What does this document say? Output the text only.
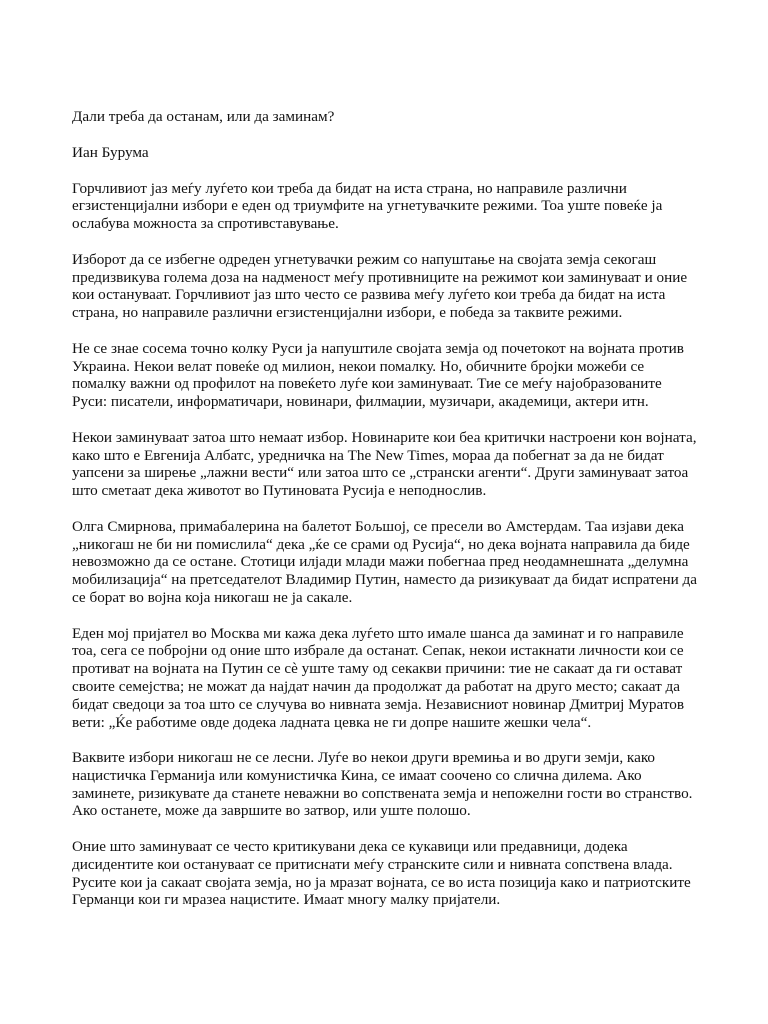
Дали треба да останам, или да заминам?
Иан Бурума

Горчливиот јаз меѓу луѓето кои треба да бидат на иста страна, но направиле различни егзистенцијални избори е еден од триумфите на угнетувачките режими. Тоа уште повеќе ја ослабува можноста за спротивставување.

Изборот да се избегне одреден угнетувачки режим со напуштање на својата земја секогаш предизвикува голема доза на надменост меѓу противниците на режимот кои заминуваат и оние кои остануваат. Горчливиот јаз што често се развива меѓу луѓето кои треба да бидат на иста страна, но направиле различни егзистенцијални избори, е победа за таквите режими.

Не се знае сосема точно колку Руси ја напуштиле својата земја од почетокот на војната против Украина. Некои велат повеќе од милион, некои помалку. Но, обичните бројки можеби се помалку важни од профилот на повеќето луѓе кои заминуваат. Тие се меѓу најобразованите Руси: писатели, информатичари, новинари, филмаџии, музичари, академици, актери итн.

Некои заминуваат затоа што немаат избор. Новинарите кои беа критички настроени кон војната, како што е Евгенија Албатс, уредничка на The New Times, мораа да побегнат за да не бидат уапсени за ширење „лажни вести“ или затоа што се „странски агенти“. Други заминуваат затоа што сметаат дека животот во Путиновата Русија е неподнослив.

Олга Смирнова, примабалерина на балетот Бољшој, се пресели во Амстердам. Таа изјави дека „никогаш не би ни помислила“ дека „ќе се срами од Русија“, но дека војната направила да биде невозможно да се остане. Стотици илјади млади мажи побегнаа пред неодамнешната „делумна мобилизација“ на претседателот Владимир Путин, наместо да ризикуваат да бидат испратени да се борат во војна која никогаш не ја сакале.

Еден мој пријател во Москва ми кажа дека луѓето што имале шанса да заминат и го направиле тоа, сега се побројни од оние што избрале да останат. Сепак, некои истакнати личности кои се противат на војната на Путин се сè уште таму од секакви причини: тие не сакаат да ги остават своите семејства; не можат да најдат начин да продолжат да работат на друго место; сакаат да бидат сведоци за тоа што се случува во нивната земја. Независниот новинар Дмитриј Муратов вети: „Ќе работиме овде додека ладната цевка не ги допре нашите жешки чела“.

Ваквите избори никогаш не се лесни. Луѓе во некои други времиња и во други земји, како нацистичка Германија или комунистичка Кина, се имаат соочено со слична дилема. Ако заминете, ризикувате да станете неважни во сопствената земја и непожелни гости во странство. Ако останете, може да завршите во затвор, или уште полошо.

Оние што заминуваат се често критикувани дека се кукавици или предавници, додека дисидентите кои остануваат се притиснати меѓу странските сили и нивната сопствена влада. Русите кои ја сакаат својата земја, но ја мразат војната, се во иста позиција како и патриотските Германци кои ги мразеа нацистите. Имаат многу малку пријатели.
